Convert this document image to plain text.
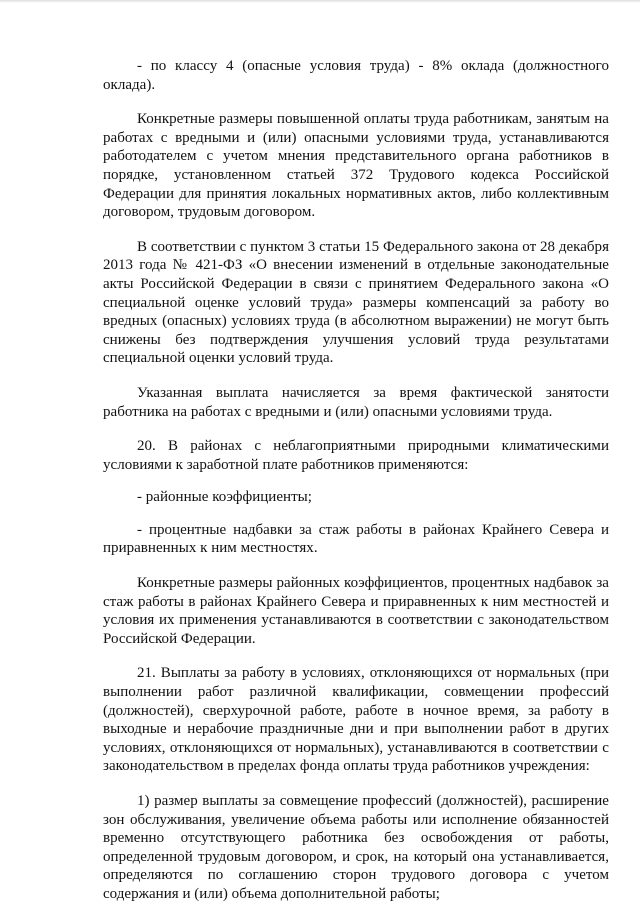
- по классу 4 (опасные условия труда) - 8% оклада (должностного оклада).

Конкретные размеры повышенной оплаты труда работникам, занятым на работах с вредными и (или) опасными условиями труда, устанавливаются работодателем с учетом мнения представительного органа работников в порядке, установленном статьей 372 Трудового кодекса Российской Федерации для принятия локальных нормативных актов, либо коллективным договором, трудовым договором.

В соответствии с пунктом 3 статьи 15 Федерального закона от 28 декабря 2013 года № 421-ФЗ «О внесении изменений в отдельные законодательные акты Российской Федерации в связи с принятием Федерального закона «О специальной оценке условий труда» размеры компенсаций за работу во вредных (опасных) условиях труда (в абсолютном выражении) не могут быть снижены без подтверждения улучшения условий труда результатами специальной оценки условий труда.

Указанная выплата начисляется за время фактической занятости работника на работах с вредными и (или) опасными условиями труда.

20. В районах с неблагоприятными природными климатическими условиями к заработной плате работников применяются:

- районные коэффициенты;

- процентные надбавки за стаж работы в районах Крайнего Севера и приравненных к ним местностях.

Конкретные размеры районных коэффициентов, процентных надбавок за стаж работы в районах Крайнего Севера и приравненных к ним местностей и условия их применения устанавливаются в соответствии с законодательством Российской Федерации.

21. Выплаты за работу в условиях, отклоняющихся от нормальных (при выполнении работ различной квалификации, совмещении профессий (должностей), сверхурочной работе, работе в ночное время, за работу в выходные и нерабочие праздничные дни и при выполнении работ в других условиях, отклоняющихся от нормальных), устанавливаются в соответствии с законодательством в пределах фонда оплаты труда работников учреждения:

1) размер выплаты за совмещение профессий (должностей), расширение зон обслуживания, увеличение объема работы или исполнение обязанностей временно отсутствующего работника без освобождения от работы, определенной трудовым договором, и срок, на который она устанавливается, определяются по соглашению сторон трудового договора с учетом содержания и (или) объема дополнительной работы;
